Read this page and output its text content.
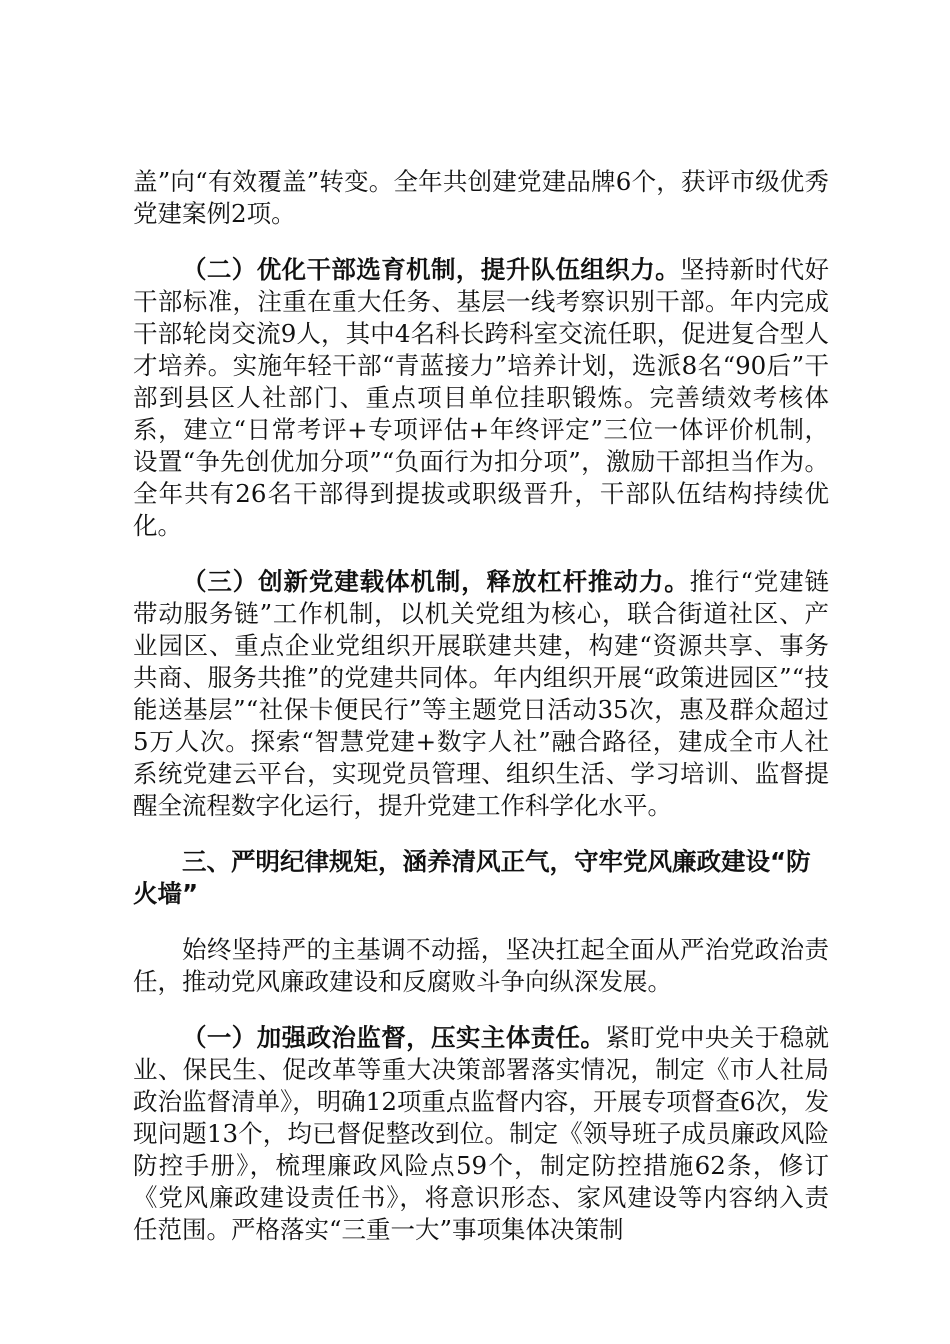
盖”向“有效覆盖”转变。全年共创建党建品牌6个，获评市级优秀党建案例2项。

（二）优化干部选育机制，提升队伍组织力。坚持新时代好干部标准，注重在重大任务、基层一线考察识别干部。年内完成干部轮岗交流9人，其中4名科长跨科室交流任职，促进复合型人才培养。实施年轻干部“青蓝接力”培养计划，选派8名“90后”干部到县区人社部门、重点项目单位挂职锻炼。完善绩效考核体系，建立“日常考评+专项评估+年终评定”三位一体评价机制，设置“争先创优加分项”“负面行为扣分项”，激励干部担当作为。全年共有26名干部得到提拔或职级晋升，干部队伍结构持续优化。

（三）创新党建载体机制，释放杠杆推动力。推行“党建链带动服务链”工作机制，以机关党组为核心，联合街道社区、产业园区、重点企业党组织开展联建共建，构建“资源共享、事务共商、服务共推”的党建共同体。年内组织开展“政策进园区”“技能送基层”“社保卡便民行”等主题党日活动35次，惠及群众超过5万人次。探索“智慧党建+数字人社”融合路径，建成全市人社系统党建云平台，实现党员管理、组织生活、学习培训、监督提醒全流程数字化运行，提升党建工作科学化水平。

三、严明纪律规矩，涵养清风正气，守牢党风廉政建设“防火墙”

始终坚持严的主基调不动摇，坚决扛起全面从严治党政治责任，推动党风廉政建设和反腐败斗争向纵深发展。

（一）加强政治监督，压实主体责任。紧盯党中央关于稳就业、保民生、促改革等重大决策部署落实情况，制定《市人社局政治监督清单》，明确12项重点监督内容，开展专项督查6次，发现问题13个，均已督促整改到位。制定《领导班子成员廉政风险防控手册》，梳理廉政风险点59个，制定防控措施62条，修订《党风廉政建设责任书》，将意识形态、家风建设等内容纳入责任范围。严格落实“三重一大”事项集体决策制
